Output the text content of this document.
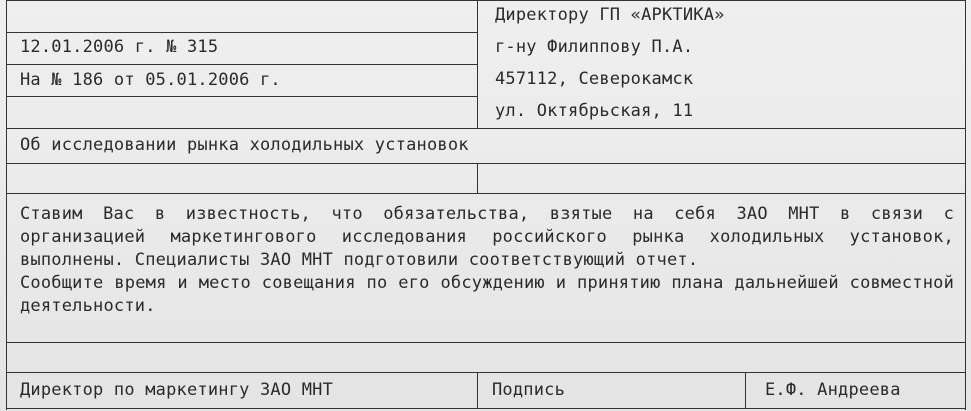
12.01.2006 г. № 315
На № 186 от 05.01.2006 г.
Директору ГП «АРКТИКА»
г-ну Филиппову П.А.
457112, Северокамск
ул. Октябрьская, 11
Об исследовании рынка холодильных установок

Ставим Вас в известность, что обязательства, взятые на себя ЗАО МНТ в связи с организацией маркетингового исследования российского рынка холодильных установок, выполнены. Специалисты ЗАО МНТ подготовили соответствующий отчет.

Сообщите время и место совещания по его обсуждению и принятию плана дальнейшей совместной деятельности.

Директор по маркетингу ЗАО МНТ	Подпись	Е.Ф. Андреева
